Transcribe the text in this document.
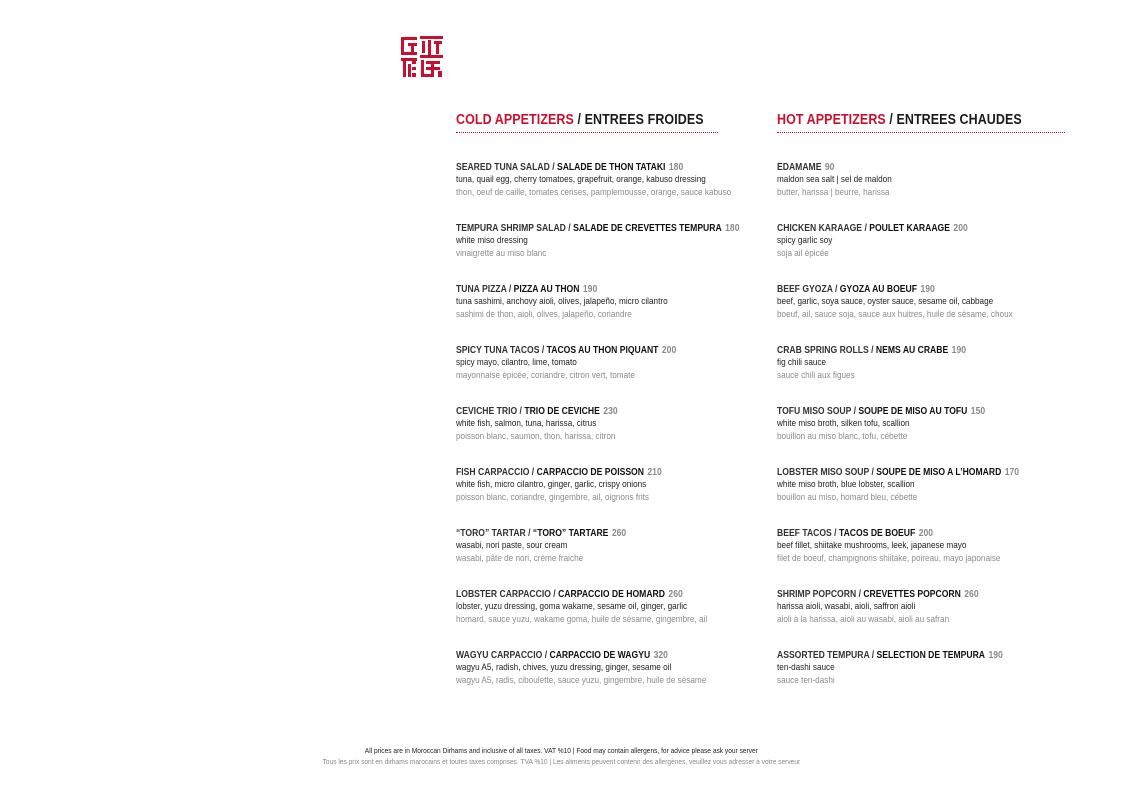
COLD APPETIZERS / ENTREES FROIDES
SEARED TUNA SALAD / SALADE DE THON TATAKI 180
tuna, quail egg, cherry tomatoes, grapefruit, orange, kabuso dressing
thon, oeuf de caille, tomates cerises, pamplemousse, orange, sauce kabuso
TEMPURA SHRIMP SALAD / SALADE DE CREVETTES TEMPURA 180
white miso dressing
vinaigrette au miso blanc
TUNA PIZZA / PIZZA AU THON 190
tuna sashimi, anchovy aioli, olives, jalapeño, micro cilantro
sashimi de thon, aioli, olives, jalapeño, coriandre
SPICY TUNA TACOS / TACOS AU THON PIQUANT 200
spicy mayo, cilantro, lime, tomato
mayonnaise épicée, coriandre, citron vert, tomate
CEVICHE TRIO / TRIO DE CEVICHE 230
white fish, salmon, tuna, harissa, citrus
poisson blanc, saumon, thon, harissa, citron
FISH CARPACCIO / CARPACCIO DE POISSON 210
white fish, micro cilantro, ginger, garlic, crispy onions
poisson blanc, coriandre, gingembre, ail, oignons frits
“TORO” TARTAR / “TORO” TARTARE 260
wasabi, nori paste, sour cream
wasabi, pâte de nori, crème fraiche
LOBSTER CARPACCIO / CARPACCIO DE HOMARD 260
lobster, yuzu dressing, goma wakame, sesame oil, ginger, garlic
homard, sauce yuzu, wakame goma, huile de sésame, gingembre, ail
WAGYU CARPACCIO / CARPACCIO DE WAGYU 320
wagyu A5, radish, chives, yuzu dressing, ginger, sesame oil
wagyu A5, radis, ciboulette, sauce yuzu, gingembre, huile de sésame
HOT APPETIZERS / ENTREES CHAUDES
EDAMAME 90
maldon sea salt | sel de maldon
butter, harissa | beurre, harissa
CHICKEN KARAAGE / POULET KARAAGE 200
spicy garlic soy
soja ail épicée
BEEF GYOZA / GYOZA AU BOEUF 190
beef, garlic, soya sauce, oyster sauce, sesame oil, cabbage
boeuf, ail, sauce soja, sauce aux huitres, huile de sésame, choux
CRAB SPRING ROLLS / NEMS AU CRABE 190
fig chili sauce
sauce chili aux figues
TOFU MISO SOUP / SOUPE DE MISO AU TOFU 150
white miso broth, silken tofu, scallion
bouillon au miso blanc, tofu, cébette
LOBSTER MISO SOUP / SOUPE DE MISO A L’HOMARD 170
white miso broth, blue lobster, scallion
bouillon au miso, homard bleu, cébette
BEEF TACOS / TACOS DE BOEUF 200
beef fillet, shiitake mushrooms, leek, japanese mayo
filet de boeuf, champignons shiitake, poireau, mayo japonaise
SHRIMP POPCORN / CREVETTES POPCORN 260
harissa aioli, wasabi, aioli, saffron aioli
aioli à la harissa, aioli au wasabi, aioli au safran
ASSORTED TEMPURA / SELECTION DE TEMPURA 190
ten-dashi sauce
sauce ten-dashi
All prices are in Moroccan Dirhams and inclusive of all taxes. VAT %10 | Food may contain allergens, for advice please ask your server
Tous les prix sont en dirhams marocains et toutes taxes comprises. TVA %10 | Les aliments peuvent contenir des allergènes, veuillez vous adresser à votre serveur
